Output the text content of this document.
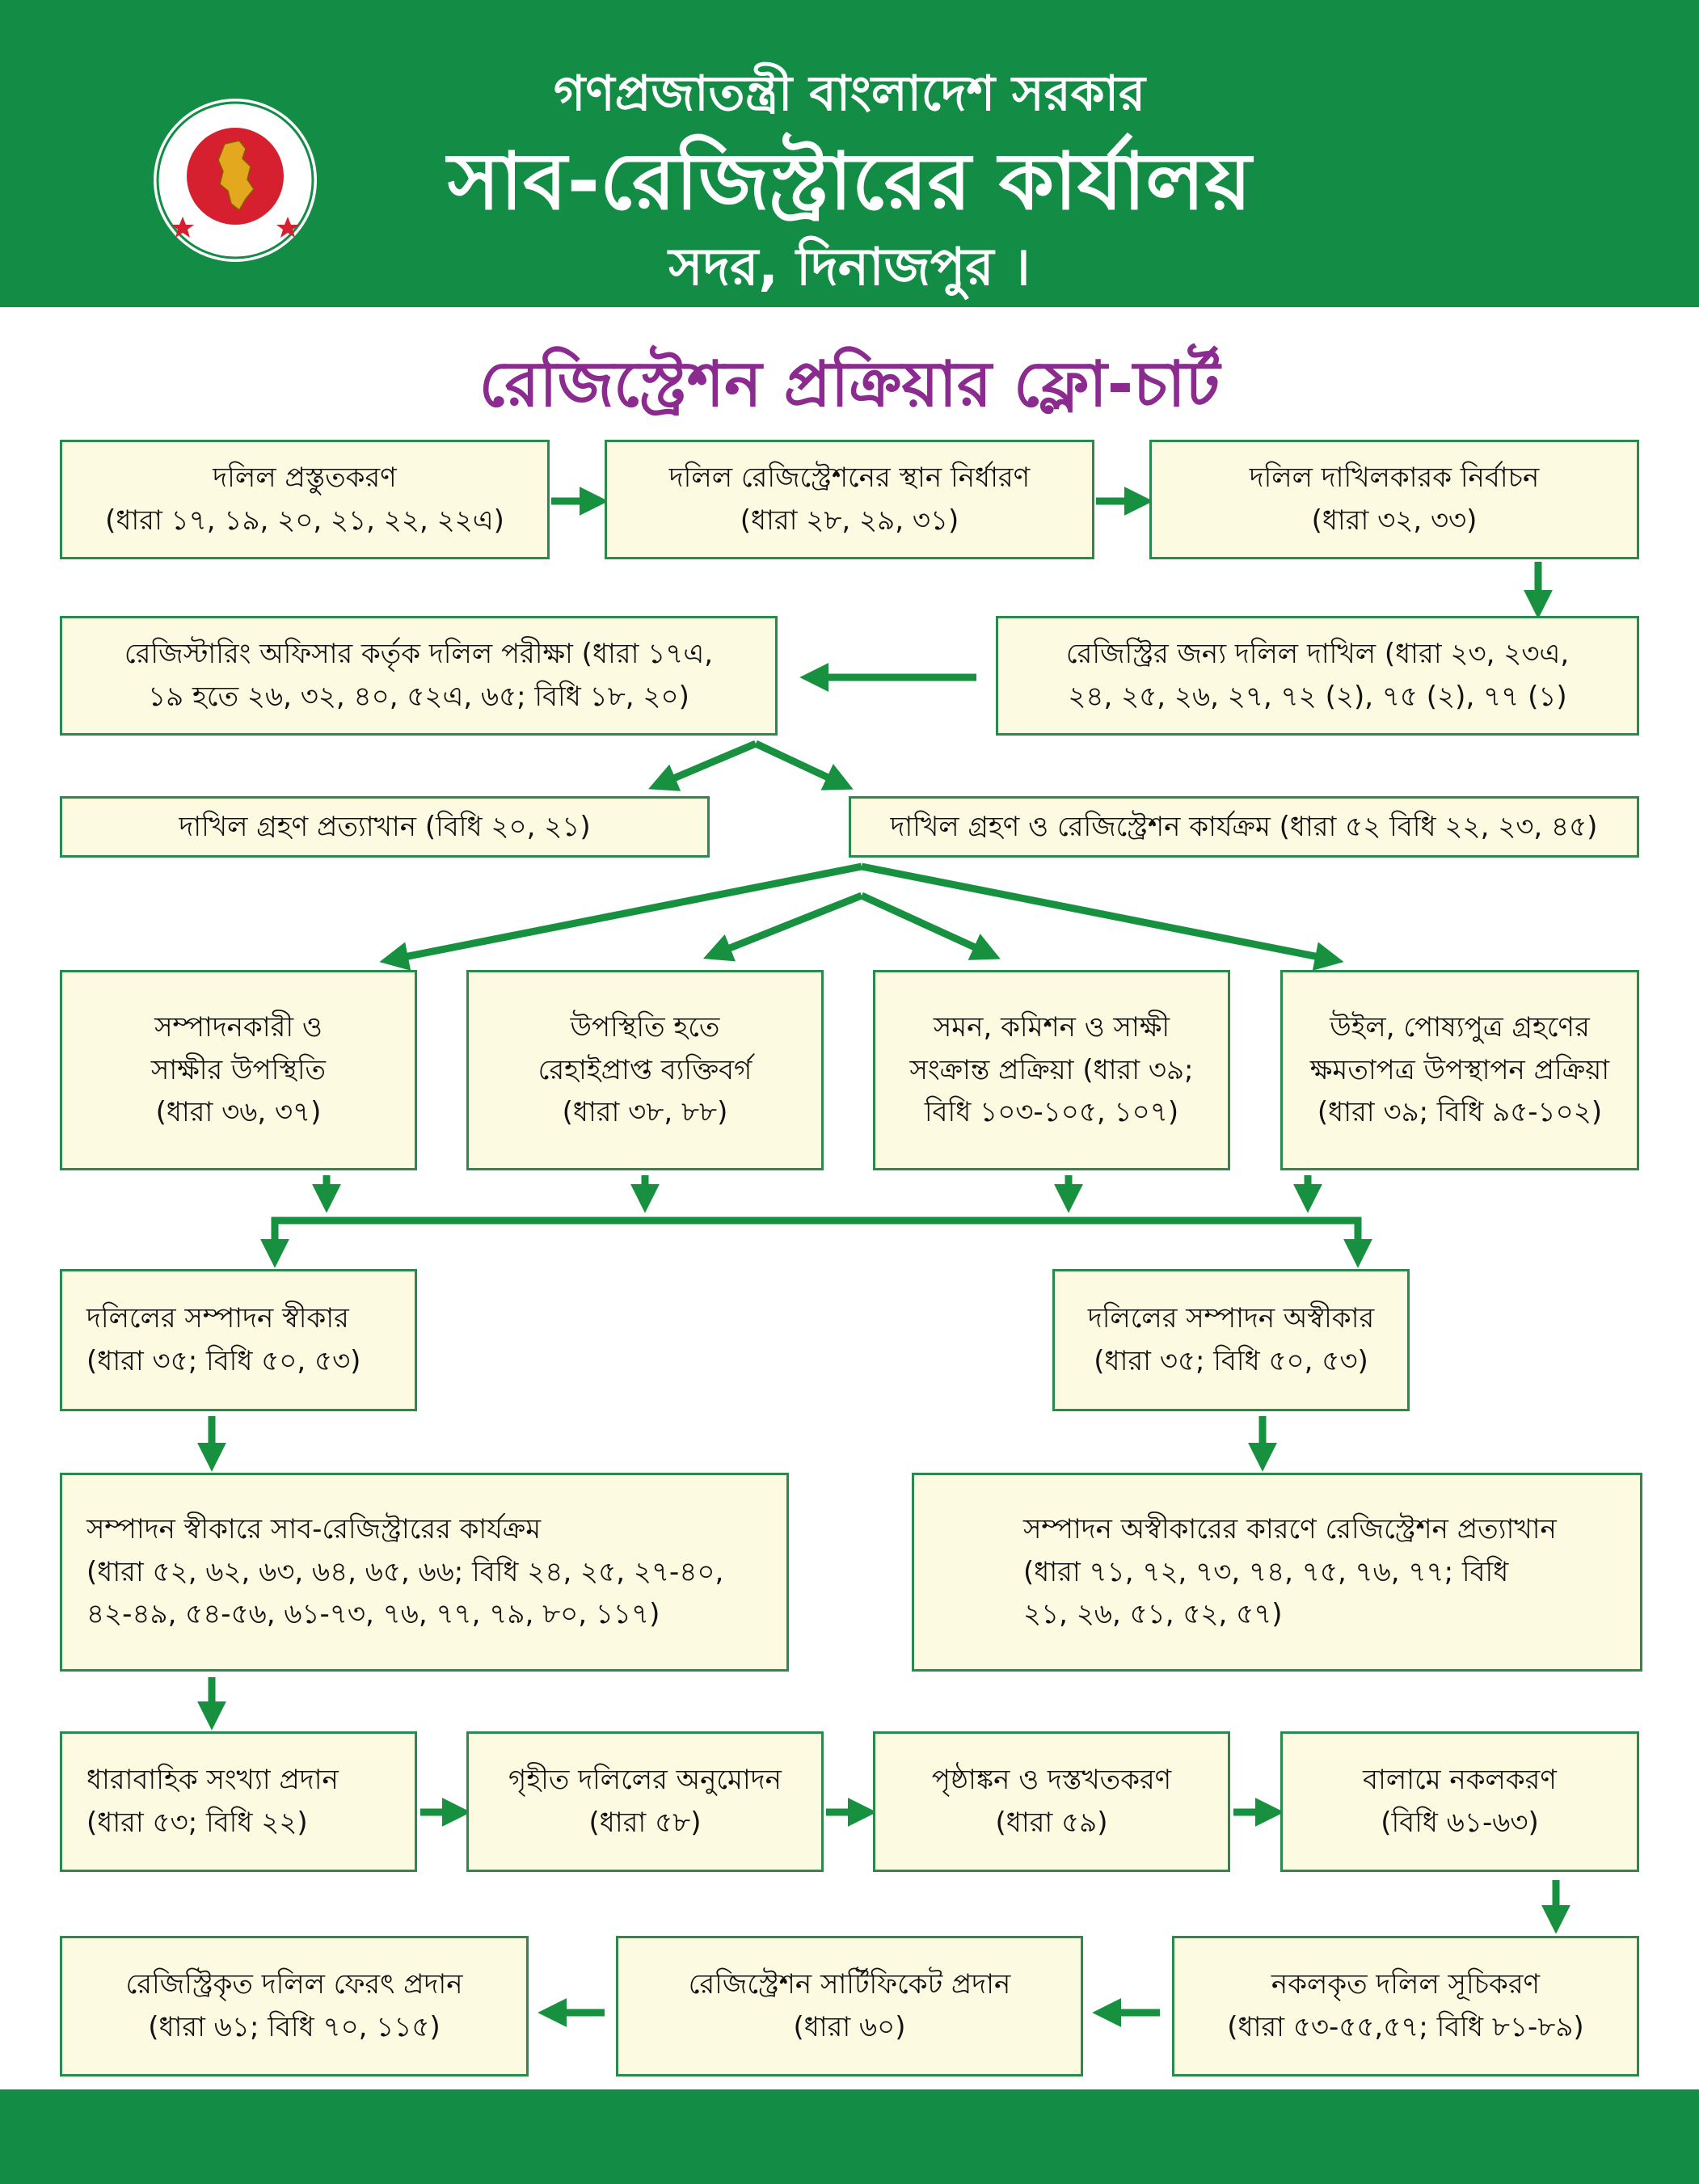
গণপ্রজাতন্ত্রী বাংলাদেশ সরকার
সাব-রেজিস্ট্রারের কার্যালয়
সদর, দিনাজপুর ।
রেজিস্ট্রেশন প্রক্রিয়ার ফ্লো-চার্ট
দলিল প্রস্তুতকরণ
(ধারা ১৭, ১৯, ২০, ২১, ২২, ২২এ)
দলিল রেজিস্ট্রেশনের স্থান নির্ধারণ
(ধারা ২৮, ২৯, ৩১)
দলিল দাখিলকারক নির্বাচন
(ধারা ৩২, ৩৩)
রেজিস্ট্রির জন্য দলিল দাখিল (ধারা ২৩, ২৩এ,
২৪, ২৫, ২৬, ২৭, ৭২ (২), ৭৫ (২), ৭৭ (১)
রেজিস্টারিং অফিসার কর্তৃক দলিল পরীক্ষা (ধারা ১৭এ,
১৯ হতে ২৬, ৩২, ৪০, ৫২এ, ৬৫; বিধি ১৮, ২০)
দাখিল গ্রহণ প্রত্যাখান (বিধি ২০, ২১)	দাখিল গ্রহণ ও রেজিস্ট্রেশন কার্যক্রম (ধারা ৫২ বিধি ২২, ২৩, ৪৫)
সম্পাদনকারী ও
সাক্ষীর উপস্থিতি
(ধারা ৩৬, ৩৭)
উপস্থিতি হতে
রেহাইপ্রাপ্ত ব্যক্তিবর্গ
(ধারা ৩৮, ৮৮)
সমন, কমিশন ও সাক্ষী
সংক্রান্ত প্রক্রিয়া (ধারা ৩৯;
বিধি ১০৩-১০৫, ১০৭)
উইল, পোষ্যপুত্র গ্রহণের
ক্ষমতাপত্র উপস্থাপন প্রক্রিয়া
(ধারা ৩৯; বিধি ৯৫-১০২)
দলিলের সম্পাদন স্বীকার
(ধারা ৩৫; বিধি ৫০, ৫৩)
দলিলের সম্পাদন অস্বীকার
(ধারা ৩৫; বিধি ৫০, ৫৩)
সম্পাদন স্বীকারে সাব-রেজিস্ট্রারের কার্যক্রম
(ধারা ৫২, ৬২, ৬৩, ৬৪, ৬৫, ৬৬; বিধি ২৪, ২৫, ২৭-৪০,
৪২-৪৯, ৫৪-৫৬, ৬১-৭৩, ৭৬, ৭৭, ৭৯, ৮০, ১১৭)
সম্পাদন অস্বীকারের কারণে রেজিস্ট্রেশন প্রত্যাখান
(ধারা ৭১, ৭২, ৭৩, ৭৪, ৭৫, ৭৬, ৭৭; বিধি
২১, ২৬, ৫১, ৫২, ৫৭)
ধারাবাহিক সংখ্যা প্রদান
(ধারা ৫৩; বিধি ২২)
গৃহীত দলিলের অনুমোদন
(ধারা ৫৮)
পৃষ্ঠাঙ্কন ও দস্তখতকরণ
(ধারা ৫৯)
বালামে নকলকরণ
(বিধি ৬১-৬৩)
নকলকৃত দলিল সূচিকরণ
(ধারা ৫৩-৫৫,৫৭; বিধি ৮১-৮৯)
রেজিস্ট্রেশন সার্টিফিকেট প্রদান
(ধারা ৬০)
রেজিস্ট্রিকৃত দলিল ফেরৎ প্রদান
(ধারা ৬১; বিধি ৭০, ১১৫)
